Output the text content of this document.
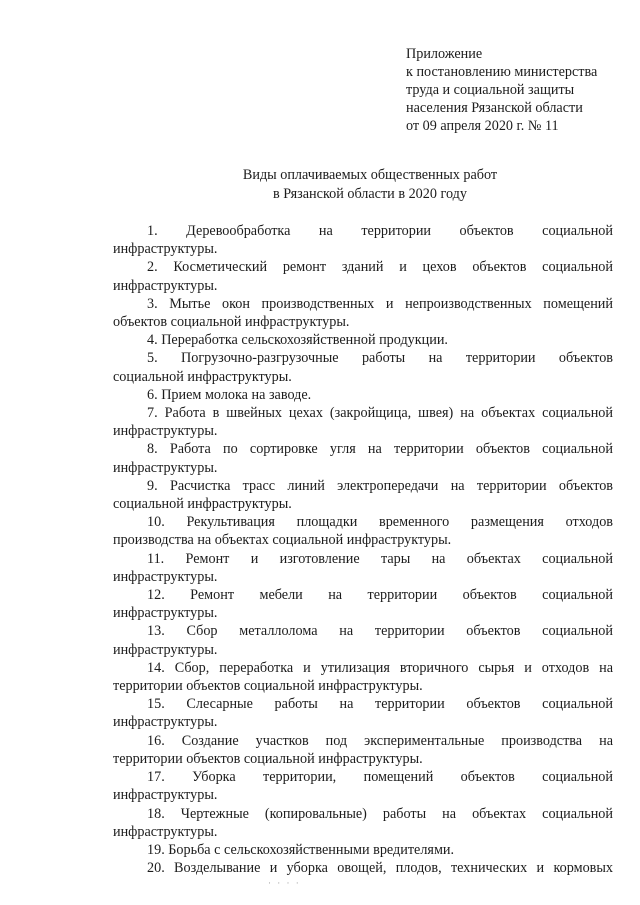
Приложение
к постановлению министерства
труда и социальной защиты
населения Рязанской области
от 09 апреля 2020 г. № 11
Виды оплачиваемых общественных работ
в Рязанской области в 2020 году
1. Деревообработка на территории объектов социальной
инфраструктуры.
2. Косметический ремонт зданий и цехов объектов социальной
инфраструктуры.
3. Мытье окон производственных и непроизводственных помещений
объектов социальной инфраструктуры.
4. Переработка сельскохозяйственной продукции.
5. Погрузочно-разгрузочные работы на территории объектов
социальной инфраструктуры.
6. Прием молока на заводе.
7. Работа в швейных цехах (закройщица, швея) на объектах социальной
инфраструктуры.
8. Работа по сортировке угля на территории объектов социальной
инфраструктуры.
9. Расчистка трасс линий электропередачи на территории объектов
социальной инфраструктуры.
10. Рекультивация площадки временного размещения отходов
производства на объектах социальной инфраструктуры.
11. Ремонт и изготовление тары на объектах социальной
инфраструктуры.
12. Ремонт мебели на территории объектов социальной
инфраструктуры.
13. Сбор металлолома на территории объектов социальной
инфраструктуры.
14. Сбор, переработка и утилизация вторичного сырья и отходов на
территории объектов социальной инфраструктуры.
15. Слесарные работы на территории объектов социальной
инфраструктуры.
16. Создание участков под экспериментальные производства на
территории объектов социальной инфраструктуры.
17. Уборка территории, помещений объектов социальной
инфраструктуры.
18. Чертежные (копировальные) работы на объектах социальной
инфраструктуры.
19. Борьба с сельскохозяйственными вредителями.
20. Возделывание и уборка овощей, плодов, технических и кормовых
· · · ·
